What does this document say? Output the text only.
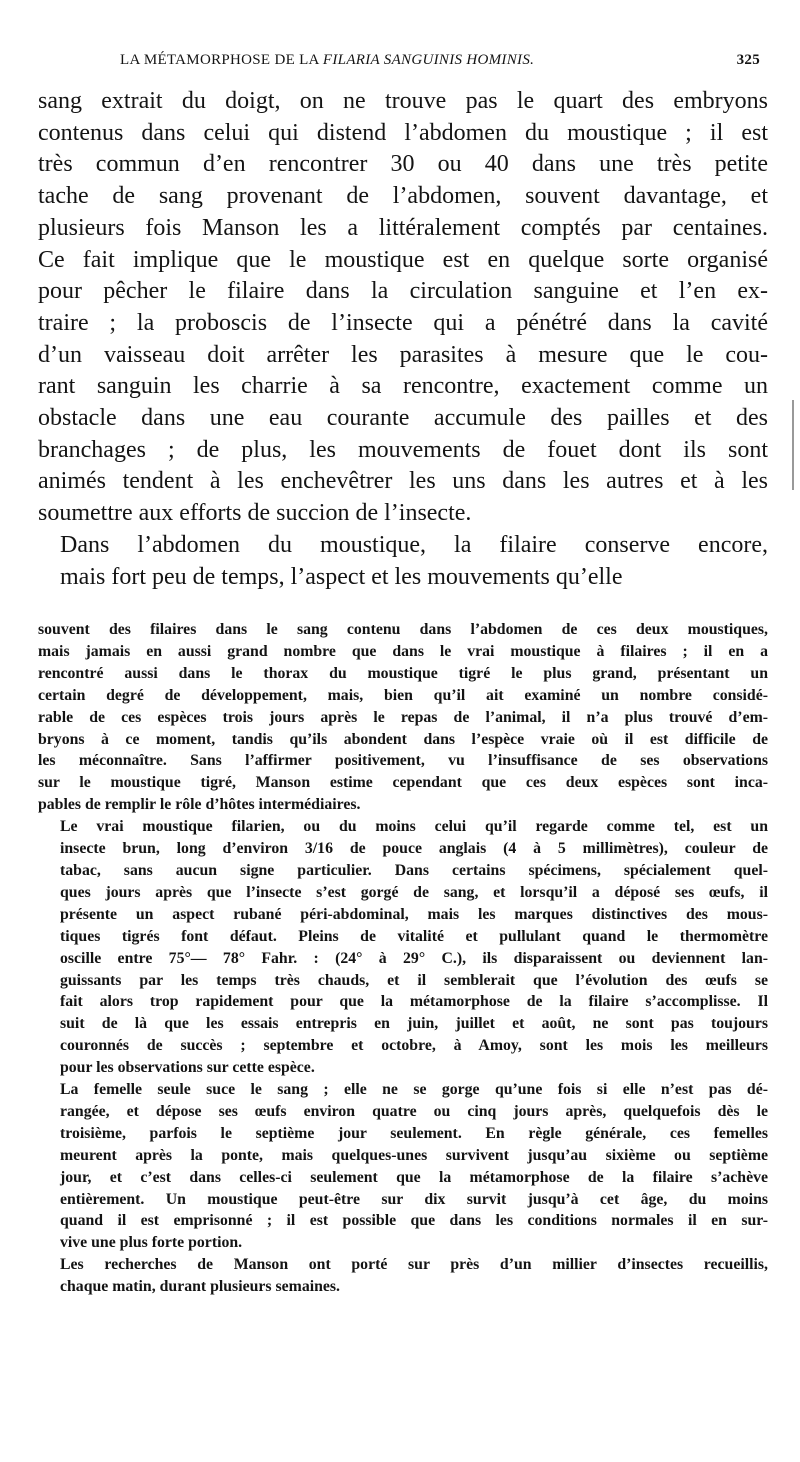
LA MÉTAMORPHOSE DE LA FILARIA SANGUINIS HOMINIS.	325

sang extrait du doigt, on ne trouve pas le quart des embryons
contenus dans celui qui distend l’abdomen du moustique ; il est
très commun d’en rencontrer 30 ou 40 dans une très petite
tache de sang provenant de l’abdomen, souvent davantage, et
plusieurs fois Manson les a littéralement comptés par centaines.
Ce fait implique que le moustique est en quelque sorte organisé
pour pêcher le filaire dans la circulation sanguine et l’en ex-
traire ; la proboscis de l’insecte qui a pénétré dans la cavité
d’un vaisseau doit arrêter les parasites à mesure que le cou-
rant sanguin les charrie à sa rencontre, exactement comme un
obstacle dans une eau courante accumule des pailles et des
branchages ; de plus, les mouvements de fouet dont ils sont
animés tendent à les enchevêtrer les uns dans les autres et à les
soumettre aux efforts de succion de l’insecte.

Dans l’abdomen du moustique, la filaire conserve encore,
mais fort peu de temps, l’aspect et les mouvements qu’elle

souvent des filaires dans le sang contenu dans l’abdomen de ces deux moustiques,
mais jamais en aussi grand nombre que dans le vrai moustique à filaires ; il en a
rencontré aussi dans le thorax du moustique tigré le plus grand, présentant un
certain degré de développement, mais, bien qu’il ait examiné un nombre considé-
rable de ces espèces trois jours après le repas de l’animal, il n’a plus trouvé d’em-
bryons à ce moment, tandis qu’ils abondent dans l’espèce vraie où il est difficile de
les méconnaître. Sans l’affirmer positivement, vu l’insuffisance de ses observations
sur le moustique tigré, Manson estime cependant que ces deux espèces sont inca-
pables de remplir le rôle d’hôtes intermédiaires.

Le vrai moustique filarien, ou du moins celui qu’il regarde comme tel, est un
insecte brun, long d’environ 3/16 de pouce anglais (4 à 5 millimètres), couleur de
tabac, sans aucun signe particulier. Dans certains spécimens, spécialement quel-
ques jours après que l’insecte s’est gorgé de sang, et lorsqu’il a déposé ses œufs, il
présente un aspect rubané péri-abdominal, mais les marques distinctives des mous-
tiques tigrés font défaut. Pleins de vitalité et pullulant quand le thermomètre
oscille entre 75°— 78° Fahr. : (24° à 29° C.), ils disparaissent ou deviennent lan-
guissants par les temps très chauds, et il semblerait que l’évolution des œufs se
fait alors trop rapidement pour que la métamorphose de la filaire s’accomplisse. Il
suit de là que les essais entrepris en juin, juillet et août, ne sont pas toujours
couronnés de succès ; septembre et octobre, à Amoy, sont les mois les meilleurs
pour les observations sur cette espèce.

La femelle seule suce le sang ; elle ne se gorge qu’une fois si elle n’est pas dé-
rangée, et dépose ses œufs environ quatre ou cinq jours après, quelquefois dès le
troisième, parfois le septième jour seulement. En règle générale, ces femelles
meurent après la ponte, mais quelques-unes survivent jusqu’au sixième ou septième
jour, et c’est dans celles-ci seulement que la métamorphose de la filaire s’achève
entièrement. Un moustique peut-être sur dix survit jusqu’à cet âge, du moins
quand il est emprisonné ; il est possible que dans les conditions normales il en sur-
vive une plus forte portion.

Les recherches de Manson ont porté sur près d’un millier d’insectes recueillis,
chaque matin, durant plusieurs semaines.
